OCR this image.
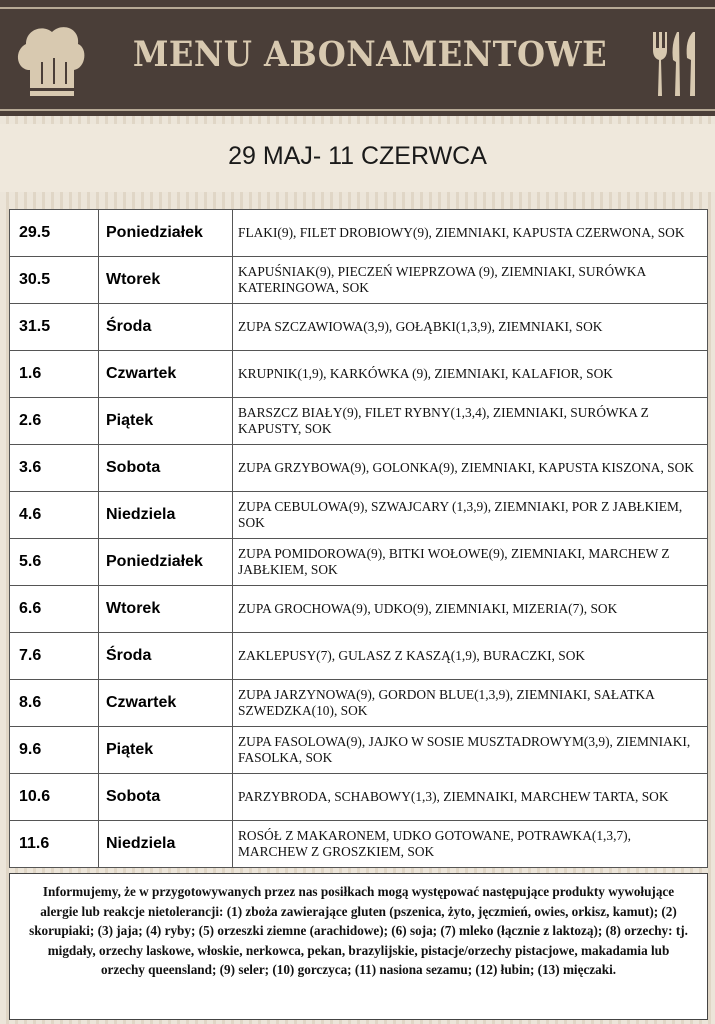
MENU ABONAMENTOWE
29 MAJ- 11 CZERWCA
29.5	Poniedziałek	FLAKI(9), FILET DROBIOWY(9), ZIEMNIAKI, KAPUSTA CZERWONA, SOK
30.5	Wtorek	KAPUŚNIAK(9), PIECZEŃ WIEPRZOWA (9), ZIEMNIAKI, SURÓWKA KATERINGOWA, SOK
31.5	Środa	ZUPA SZCZAWIOWA(3,9), GOŁĄBKI(1,3,9), ZIEMNIAKI, SOK
1.6	Czwartek	KRUPNIK(1,9), KARKÓWKA (9), ZIEMNIAKI, KALAFIOR, SOK
2.6	Piątek	BARSZCZ BIAŁY(9), FILET RYBNY(1,3,4), ZIEMNIAKI, SURÓWKA Z KAPUSTY, SOK
3.6	Sobota	ZUPA GRZYBOWA(9), GOLONKA(9), ZIEMNIAKI, KAPUSTA KISZONA, SOK
4.6	Niedziela	ZUPA CEBULOWA(9), SZWAJCARY (1,3,9), ZIEMNIAKI, POR Z JABŁKIEM, SOK
5.6	Poniedziałek	ZUPA POMIDOROWA(9), BITKI WOŁOWE(9), ZIEMNIAKI, MARCHEW Z JABŁKIEM, SOK
6.6	Wtorek	ZUPA GROCHOWA(9), UDKO(9), ZIEMNIAKI, MIZERIA(7), SOK
7.6	Środa	ZAKLEPUSY(7), GULASZ Z KASZĄ(1,9), BURACZKI, SOK
8.6	Czwartek	ZUPA JARZYNOWA(9), GORDON BLUE(1,3,9), ZIEMNIAKI, SAŁATKA SZWEDZKA(10), SOK
9.6	Piątek	ZUPA FASOLOWA(9), JAJKO W SOSIE MUSZTADROWYM(3,9), ZIEMNIAKI, FASOLKA, SOK
10.6	Sobota	PARZYBRODA, SCHABOWY(1,3), ZIEMNAIKI, MARCHEW TARTA, SOK
11.6	Niedziela	ROSÓŁ Z MAKARONEM, UDKO GOTOWANE, POTRAWKA(1,3,7), MARCHEW Z GROSZKIEM, SOK

Informujemy, że w przygotowywanych przez nas posiłkach mogą występować następujące produkty wywołujące alergie lub reakcje nietolerancji: (1) zboża zawierające gluten (pszenica, żyto, jęczmień, owies, orkisz, kamut); (2) skorupiaki; (3) jaja; (4) ryby; (5) orzeszki ziemne (arachidowe); (6) soja; (7) mleko (łącznie z laktozą); (8) orzechy: tj. migdały, orzechy laskowe, włoskie, nerkowca, pekan, brazylijskie, pistacje/orzechy pistacjowe, makadamia lub orzechy queensland; (9) seler; (10) gorczyca; (11) nasiona sezamu; (12) łubin; (13) mięczaki.
